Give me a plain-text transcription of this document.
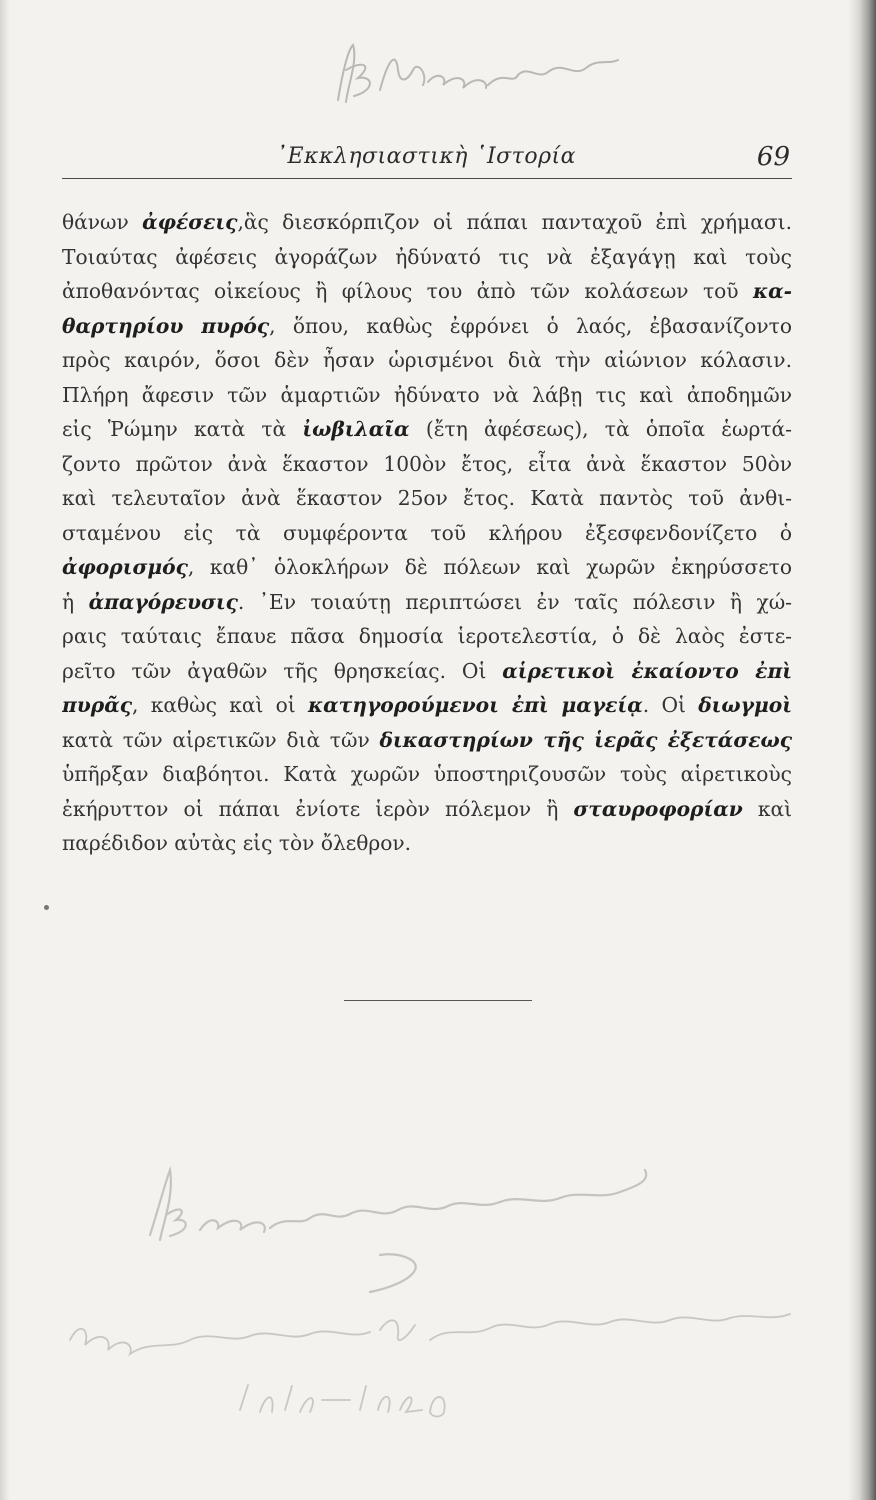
᾿Εκκλησιαστικὴ ῾Ιστορία	69
θάνων ἀφέσεις,ἃς διεσκόρπιζον οἱ πάπαι πανταχοῦ ἐπὶ χρήμασι.
Τοιαύτας ἀφέσεις ἀγοράζων ἠδύνατό τις νὰ ἐξαγάγῃ καὶ τοὺς
ἀποθανόντας οἰκείους ἢ φίλους του ἀπὸ τῶν κολάσεων τοῦ κα-
θαρτηρίου πυρός, ὅπου, καθὼς ἐφρόνει ὁ λαός, ἐβασανίζοντο
πρὸς καιρόν, ὅσοι δὲν ἦσαν ὡρισμένοι διὰ τὴν αἰώνιον κόλασιν.
Πλήρη ἄφεσιν τῶν ἁμαρτιῶν ἠδύνατο νὰ λάβῃ τις καὶ ἀποδημῶν
εἰς Ῥώμην κατὰ τὰ ἰωβιλαῖα (ἔτη ἀφέσεως), τὰ ὁποῖα ἑωρτά-
ζοντο πρῶτον ἀνὰ ἕκαστον 100ὸν ἔτος, εἶτα ἀνὰ ἕκαστον 50ὸν
καὶ τελευταῖον ἀνὰ ἕκαστον 25ον ἔτος. Κατὰ παντὸς τοῦ ἀνθι-
σταμένου εἰς τὰ συμφέροντα τοῦ κλήρου ἐξεσφενδονίζετο ὁ
ἀφορισμός, καθ᾿ ὁλοκλήρων δὲ πόλεων καὶ χωρῶν ἐκηρύσσετο
ἡ ἀπαγόρευσις. ᾿Εν τοιαύτῃ περιπτώσει ἐν ταῖς πόλεσιν ἢ χώ-
ραις ταύταις ἔπαυε πᾶσα δημοσία ἱεροτελεστία, ὁ δὲ λαὸς ἐστε-
ρεῖτο τῶν ἀγαθῶν τῆς θρησκείας. Οἱ αἱρετικοὶ ἐκαίοντο ἐπὶ
πυρᾶς, καθὼς καὶ οἱ κατηγορούμενοι ἐπὶ μαγείᾳ. Οἱ διωγμοὶ
κατὰ τῶν αἱρετικῶν διὰ τῶν δικαστηρίων τῆς ἱερᾶς ἐξετάσεως
ὑπῆρξαν διαβόητοι. Κατὰ χωρῶν ὑποστηριζουσῶν τοὺς αἱρετικοὺς
ἐκήρυττον οἱ πάπαι ἐνίοτε ἱερὸν πόλεμον ἢ σταυροφορίαν καὶ
παρέδιδον αὐτὰς εἰς τὸν ὄλεθρον.
